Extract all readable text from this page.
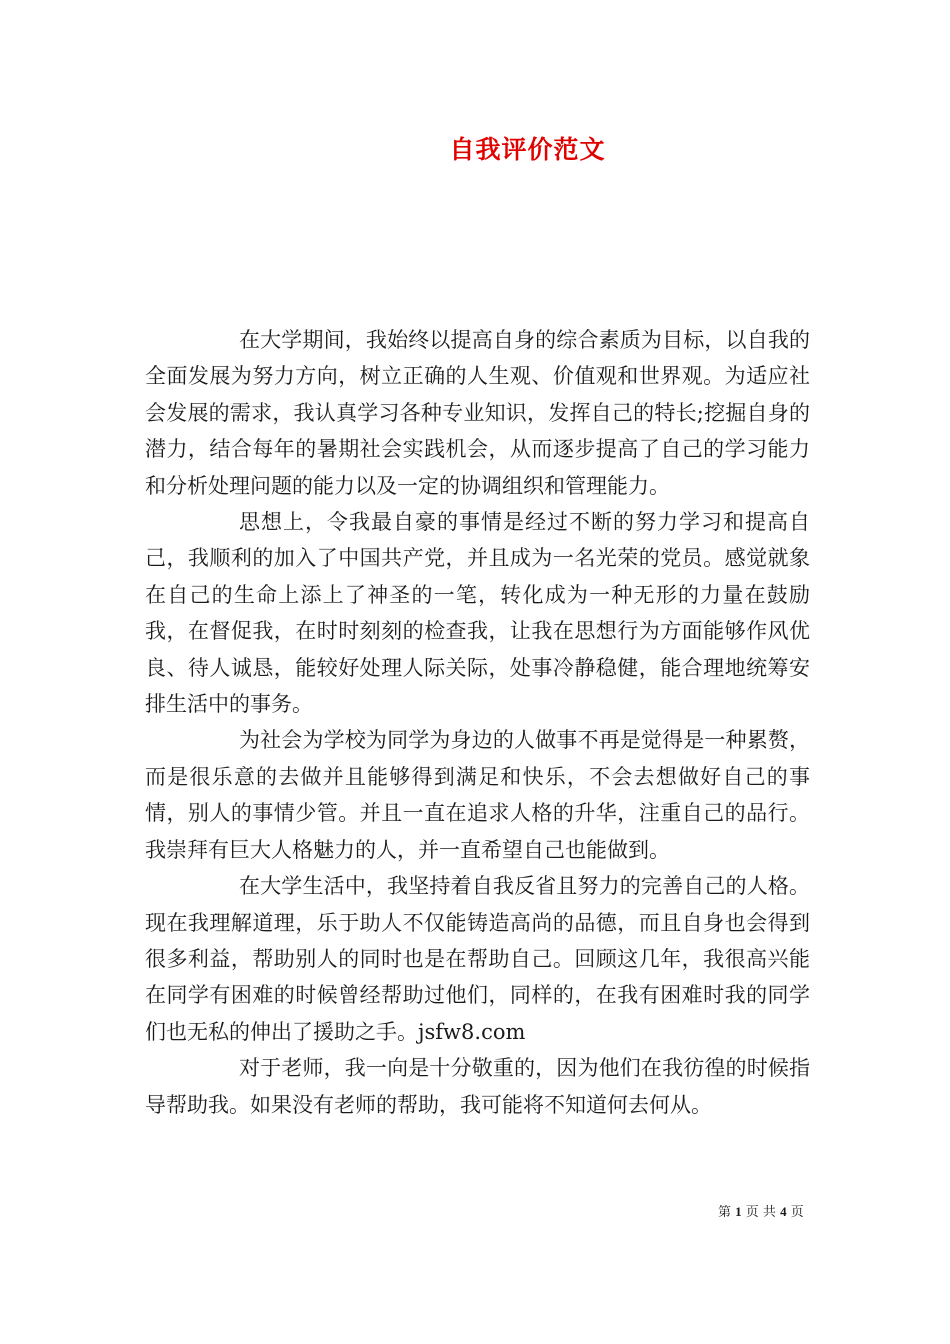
自我评价范文

在大学期间，我始终以提高自身的综合素质为目标，以自我的全面发展为努力方向，树立正确的人生观、价值观和世界观。为适应社会发展的需求，我认真学习各种专业知识，发挥自己的特长;挖掘自身的潜力，结合每年的暑期社会实践机会，从而逐步提高了自己的学习能力和分析处理问题的能力以及一定的协调组织和管理能力。

思想上，令我最自豪的事情是经过不断的努力学习和提高自己，我顺利的加入了中国共产党，并且成为一名光荣的党员。感觉就象在自己的生命上添上了神圣的一笔，转化成为一种无形的力量在鼓励我，在督促我，在时时刻刻的检查我，让我在思想行为方面能够作风优良、待人诚恳，能较好处理人际关际，处事冷静稳健，能合理地统筹安排生活中的事务。

为社会为学校为同学为身边的人做事不再是觉得是一种累赘，而是很乐意的去做并且能够得到满足和快乐，不会去想做好自己的事情，别人的事情少管。并且一直在追求人格的升华，注重自己的品行。我崇拜有巨大人格魅力的人，并一直希望自己也能做到。

在大学生活中，我坚持着自我反省且努力的完善自己的人格。现在我理解道理，乐于助人不仅能铸造高尚的品德，而且自身也会得到很多利益，帮助别人的同时也是在帮助自己。回顾这几年，我很高兴能在同学有困难的时候曾经帮助过他们，同样的，在我有困难时我的同学们也无私的伸出了援助之手。jsfw8.com

对于老师，我一向是十分敬重的，因为他们在我彷徨的时候指导帮助我。如果没有老师的帮助，我可能将不知道何去何从。

第 1 页 共 4 页
